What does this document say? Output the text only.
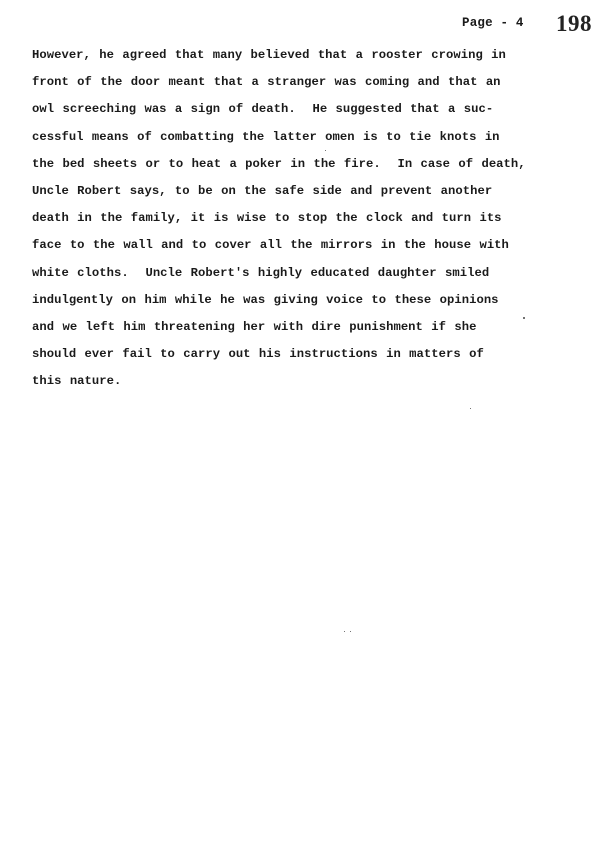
Page - 4 198
However, he agreed that many believed that a rooster crowing in
front of the door meant that a stranger was coming and that an
owl screeching was a sign of death.  He suggested that a suc-
cessful means of combatting the latter omen is to tie knots in
the bed sheets or to heat a poker in the fire.  In case of death,
Uncle Robert says, to be on the safe side and prevent another
death in the family, it is wise to stop the clock and turn its
face to the wall and to cover all the mirrors in the house with
white cloths.  Uncle Robert's highly educated daughter smiled
indulgently on him while he was giving voice to these opinions
and we left him threatening her with dire punishment if she
should ever fail to carry out his instructions in matters of
this nature.
